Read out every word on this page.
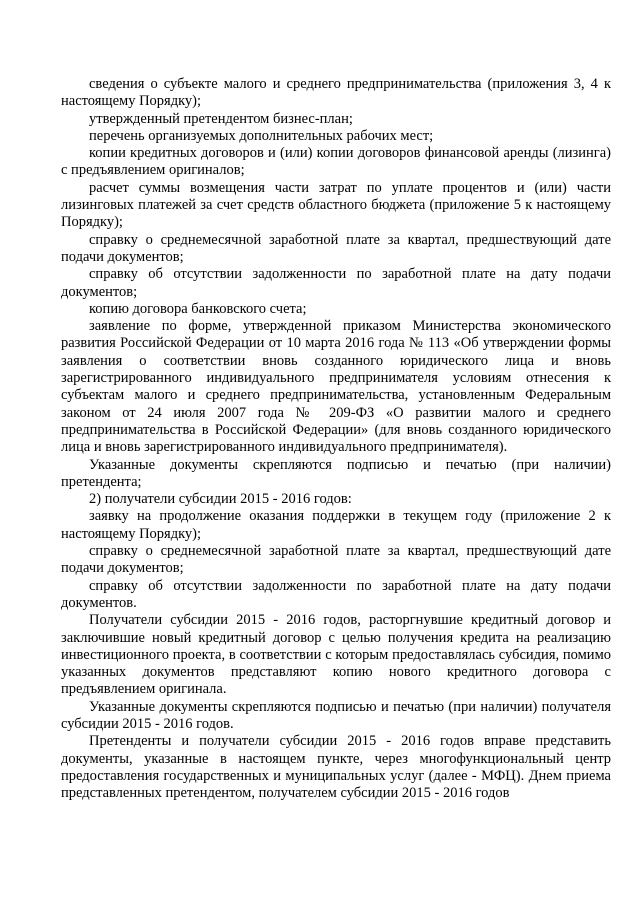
сведения о субъекте малого и среднего предпринимательства (приложения 3, 4 к настоящему Порядку);

утвержденный претендентом бизнес-план;

перечень организуемых дополнительных рабочих мест;

копии кредитных договоров и (или) копии договоров финансовой аренды (лизинга) с предъявлением оригиналов;

расчет суммы возмещения части затрат по уплате процентов и (или) части лизинговых платежей за счет средств областного бюджета (приложение 5 к настоящему Порядку);

справку о среднемесячной заработной плате за квартал, предшествующий дате подачи документов;

справку об отсутствии задолженности по заработной плате на дату подачи документов;

копию договора банковского счета;

заявление по форме, утвержденной приказом Министерства экономического развития Российской Федерации от 10 марта 2016 года № 113 «Об утверждении формы заявления о соответствии вновь созданного юридического лица и вновь зарегистрированного индивидуального предпринимателя условиям отнесения к субъектам малого и среднего предпринимательства, установленным Федеральным законом от 24 июля 2007 года № 209-ФЗ «О развитии малого и среднего предпринимательства в Российской Федерации» (для вновь созданного юридического лица и вновь зарегистрированного индивидуального предпринимателя).

Указанные документы скрепляются подписью и печатью (при наличии) претендента;

2) получатели субсидии 2015 - 2016 годов:

заявку на продолжение оказания поддержки в текущем году (приложение 2 к настоящему Порядку);

справку о среднемесячной заработной плате за квартал, предшествующий дате подачи документов;

справку об отсутствии задолженности по заработной плате на дату подачи документов.

Получатели субсидии 2015 - 2016 годов, расторгнувшие кредитный договор и заключившие новый кредитный договор с целью получения кредита на реализацию инвестиционного проекта, в соответствии с которым предоставлялась субсидия, помимо указанных документов представляют копию нового кредитного договора с предъявлением оригинала.

Указанные документы скрепляются подписью и печатью (при наличии) получателя субсидии 2015 - 2016 годов.

Претенденты и получатели субсидии 2015 - 2016 годов вправе представить документы, указанные в настоящем пункте, через многофункциональный центр предоставления государственных и муниципальных услуг (далее - МФЦ). Днем приема представленных претендентом, получателем субсидии 2015 - 2016 годов
